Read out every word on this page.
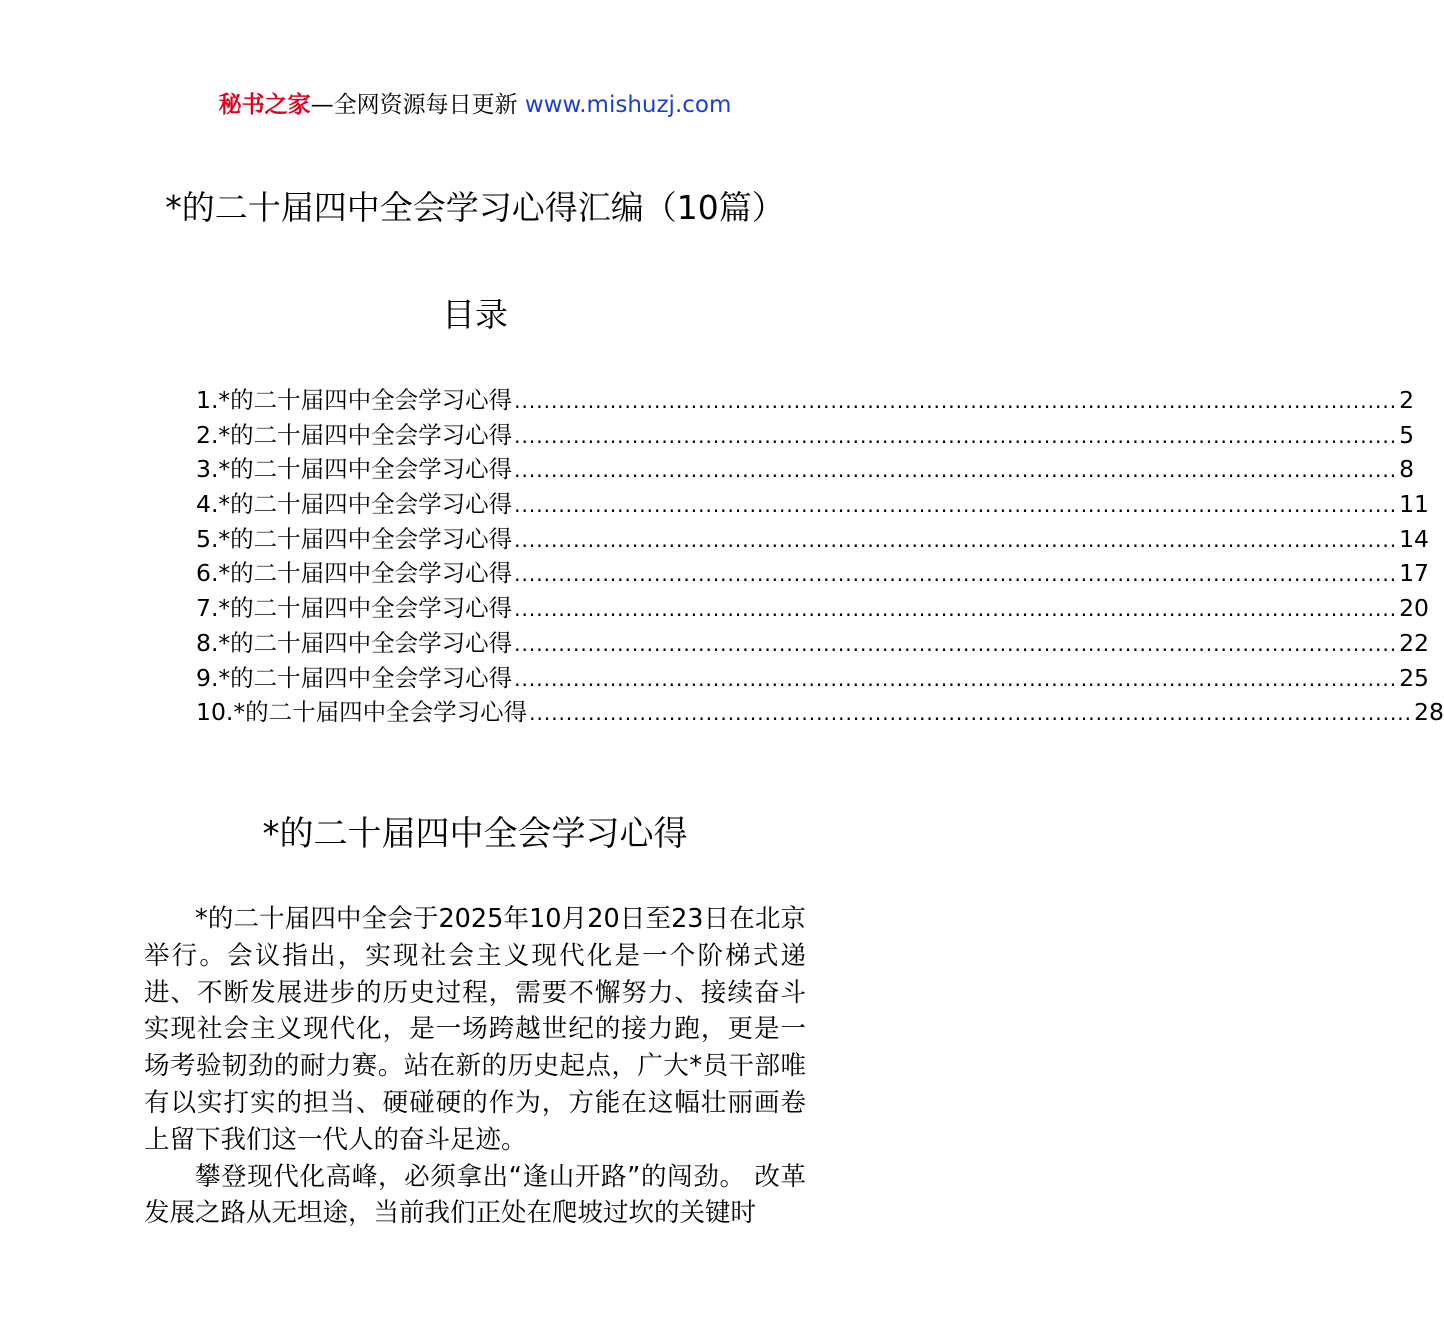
秘书之家—全网资源每日更新 www.mishuzj.com
*的二十届四中全会学习心得汇编（10篇）
目录
1.*的二十届四中全会学习心得 ........................................................................................................................ 2
2.*的二十届四中全会学习心得 ........................................................................................................................ 5
3.*的二十届四中全会学习心得 ........................................................................................................................ 8
4.*的二十届四中全会学习心得 ........................................................................................................................ 11
5.*的二十届四中全会学习心得 ........................................................................................................................ 14
6.*的二十届四中全会学习心得 ........................................................................................................................ 17
7.*的二十届四中全会学习心得 ........................................................................................................................ 20
8.*的二十届四中全会学习心得 ........................................................................................................................ 22
9.*的二十届四中全会学习心得 ........................................................................................................................ 25
10.*的二十届四中全会学习心得 ........................................................................................................................ 28
*的二十届四中全会学习心得

*的二十届四中全会于2025年10月20日至23日在北京举行。会议指出，实现社会主义现代化是一个阶梯式递进、不断发展进步的历史过程，需要不懈努力、接续奋斗实现社会主义现代化，是一场跨越世纪的接力跑，更是一场考验韧劲的耐力赛。站在新的历史起点，广大*员干部唯有以实打实的担当、硬碰硬的作为，方能在这幅壮丽画卷上留下我们这一代人的奋斗足迹。

攀登现代化高峰，必须拿出“逢山开路”的闯劲。 改革发展之路从无坦途，当前我们正处在爬坡过坎的关键时
